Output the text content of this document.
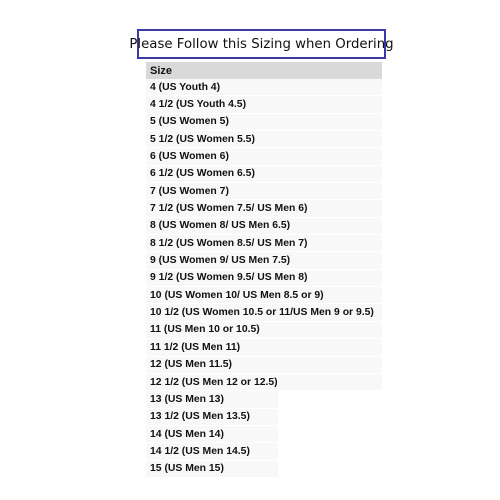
Please Follow this Sizing when Ordering
Size
4 (US Youth 4)
4 1/2 (US Youth 4.5)
5 (US Women 5)
5 1/2 (US Women 5.5)
6 (US Women 6)
6 1/2 (US Women 6.5)
7 (US Women 7)
7 1/2 (US Women 7.5/ US Men 6)
8 (US Women 8/ US Men 6.5)
8 1/2 (US Women 8.5/ US Men 7)
9 (US Women 9/ US Men 7.5)
9 1/2 (US Women 9.5/ US Men 8)
10 (US Women 10/ US Men 8.5 or 9)
10 1/2 (US Women 10.5 or 11/US Men 9 or 9.5)
11 (US Men 10 or 10.5)
11 1/2 (US Men 11)
12 (US Men 11.5)
12 1/2 (US Men 12 or 12.5)
13 (US Men 13)
13 1/2 (US Men 13.5)
14 (US Men 14)
14 1/2 (US Men 14.5)
15 (US Men 15)
